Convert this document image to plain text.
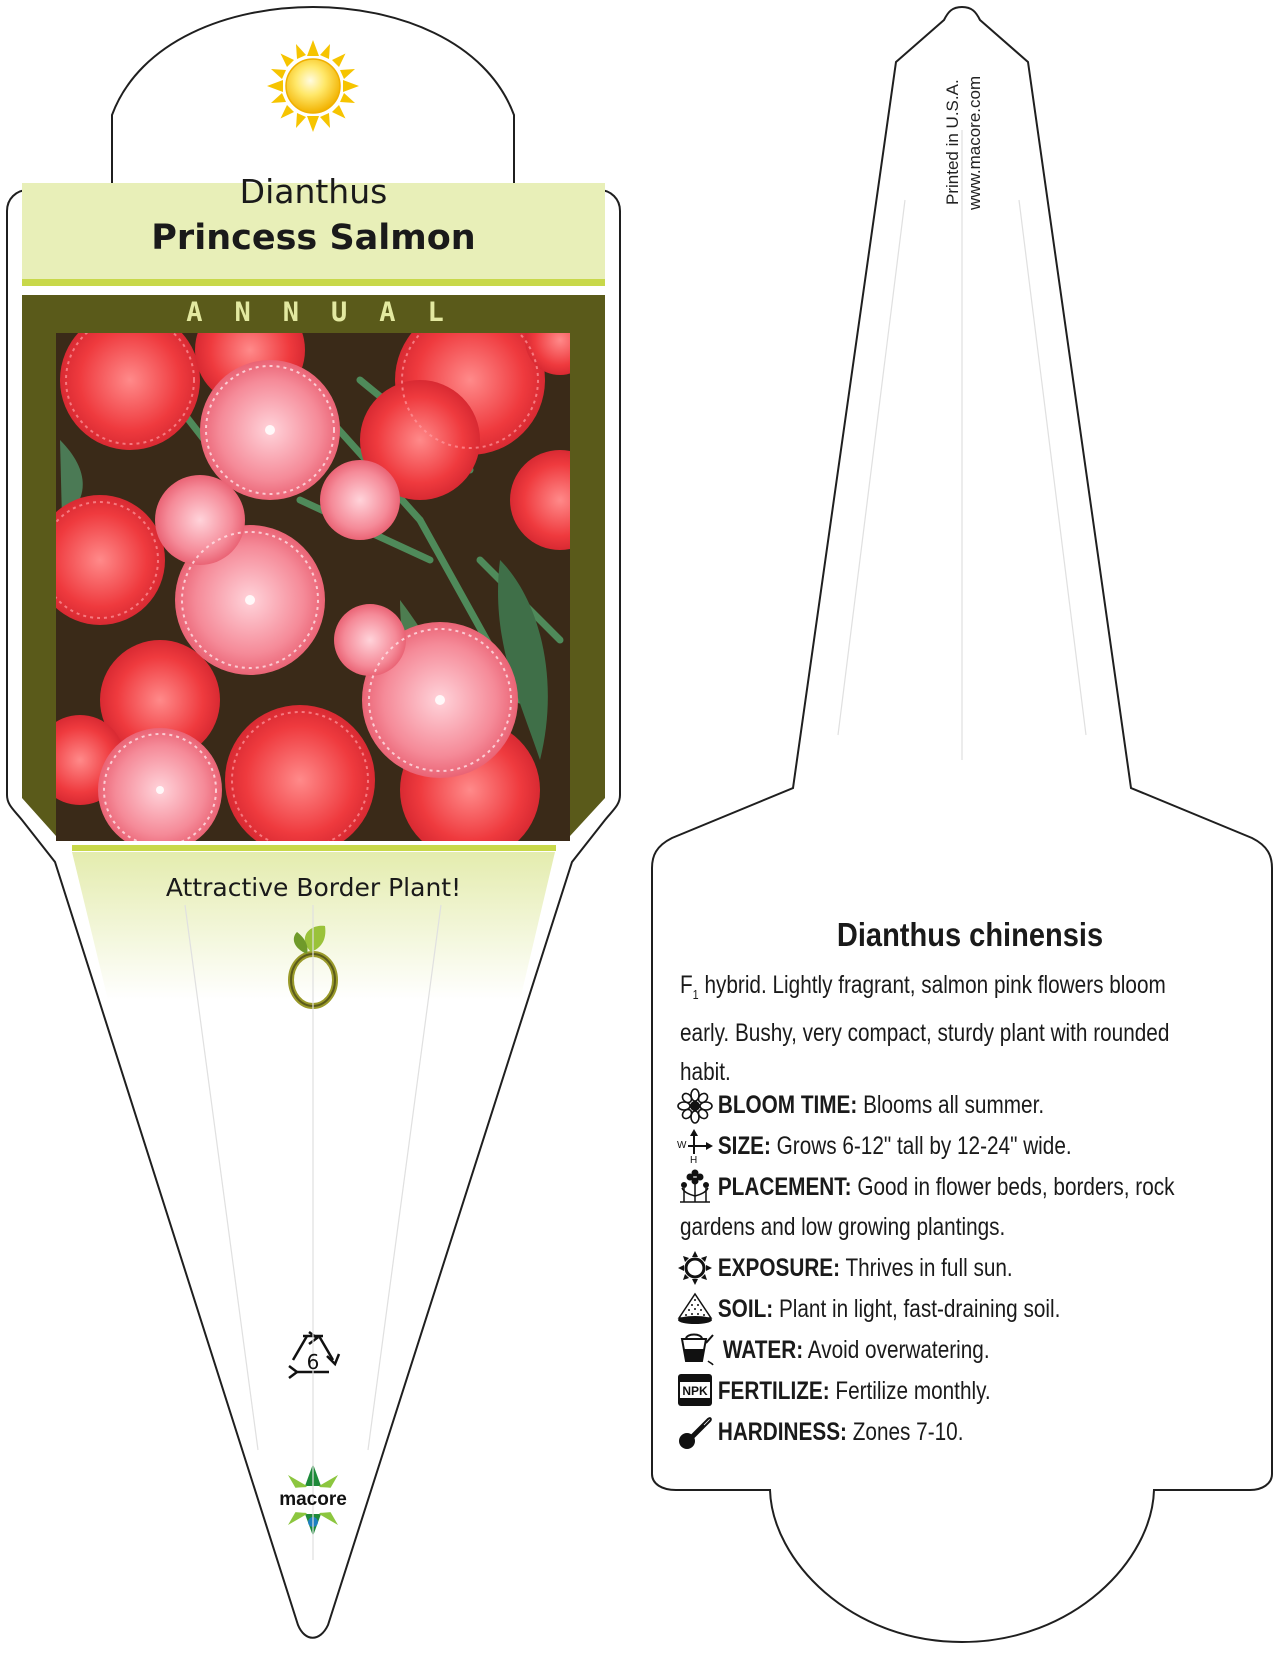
Dianthus

Princess Salmon

ANNUAL

Attractive Border Plant!

6

macore

Printed in U.S.A. www.macore.com

Dianthus chinensis

$F_1$ hybrid. Lightly fragrant, salmon pink flowers bloom early. Bushy, very compact, sturdy plant with rounded habit.
BLOOM TIME: Blooms all summer.
SIZE: Grows 6-12" tall by 12-24" wide.
PLACEMENT: Good in flower beds, borders, rock
gardens and low growing plantings.
EXPOSURE: Thrives in full sun.
SOIL: Plant in light, fast-draining soil.
WATER: Avoid overwatering.
FERTILIZE: Fertilize monthly.
HARDINESS: Zones 7-10.
W
H
NPK
